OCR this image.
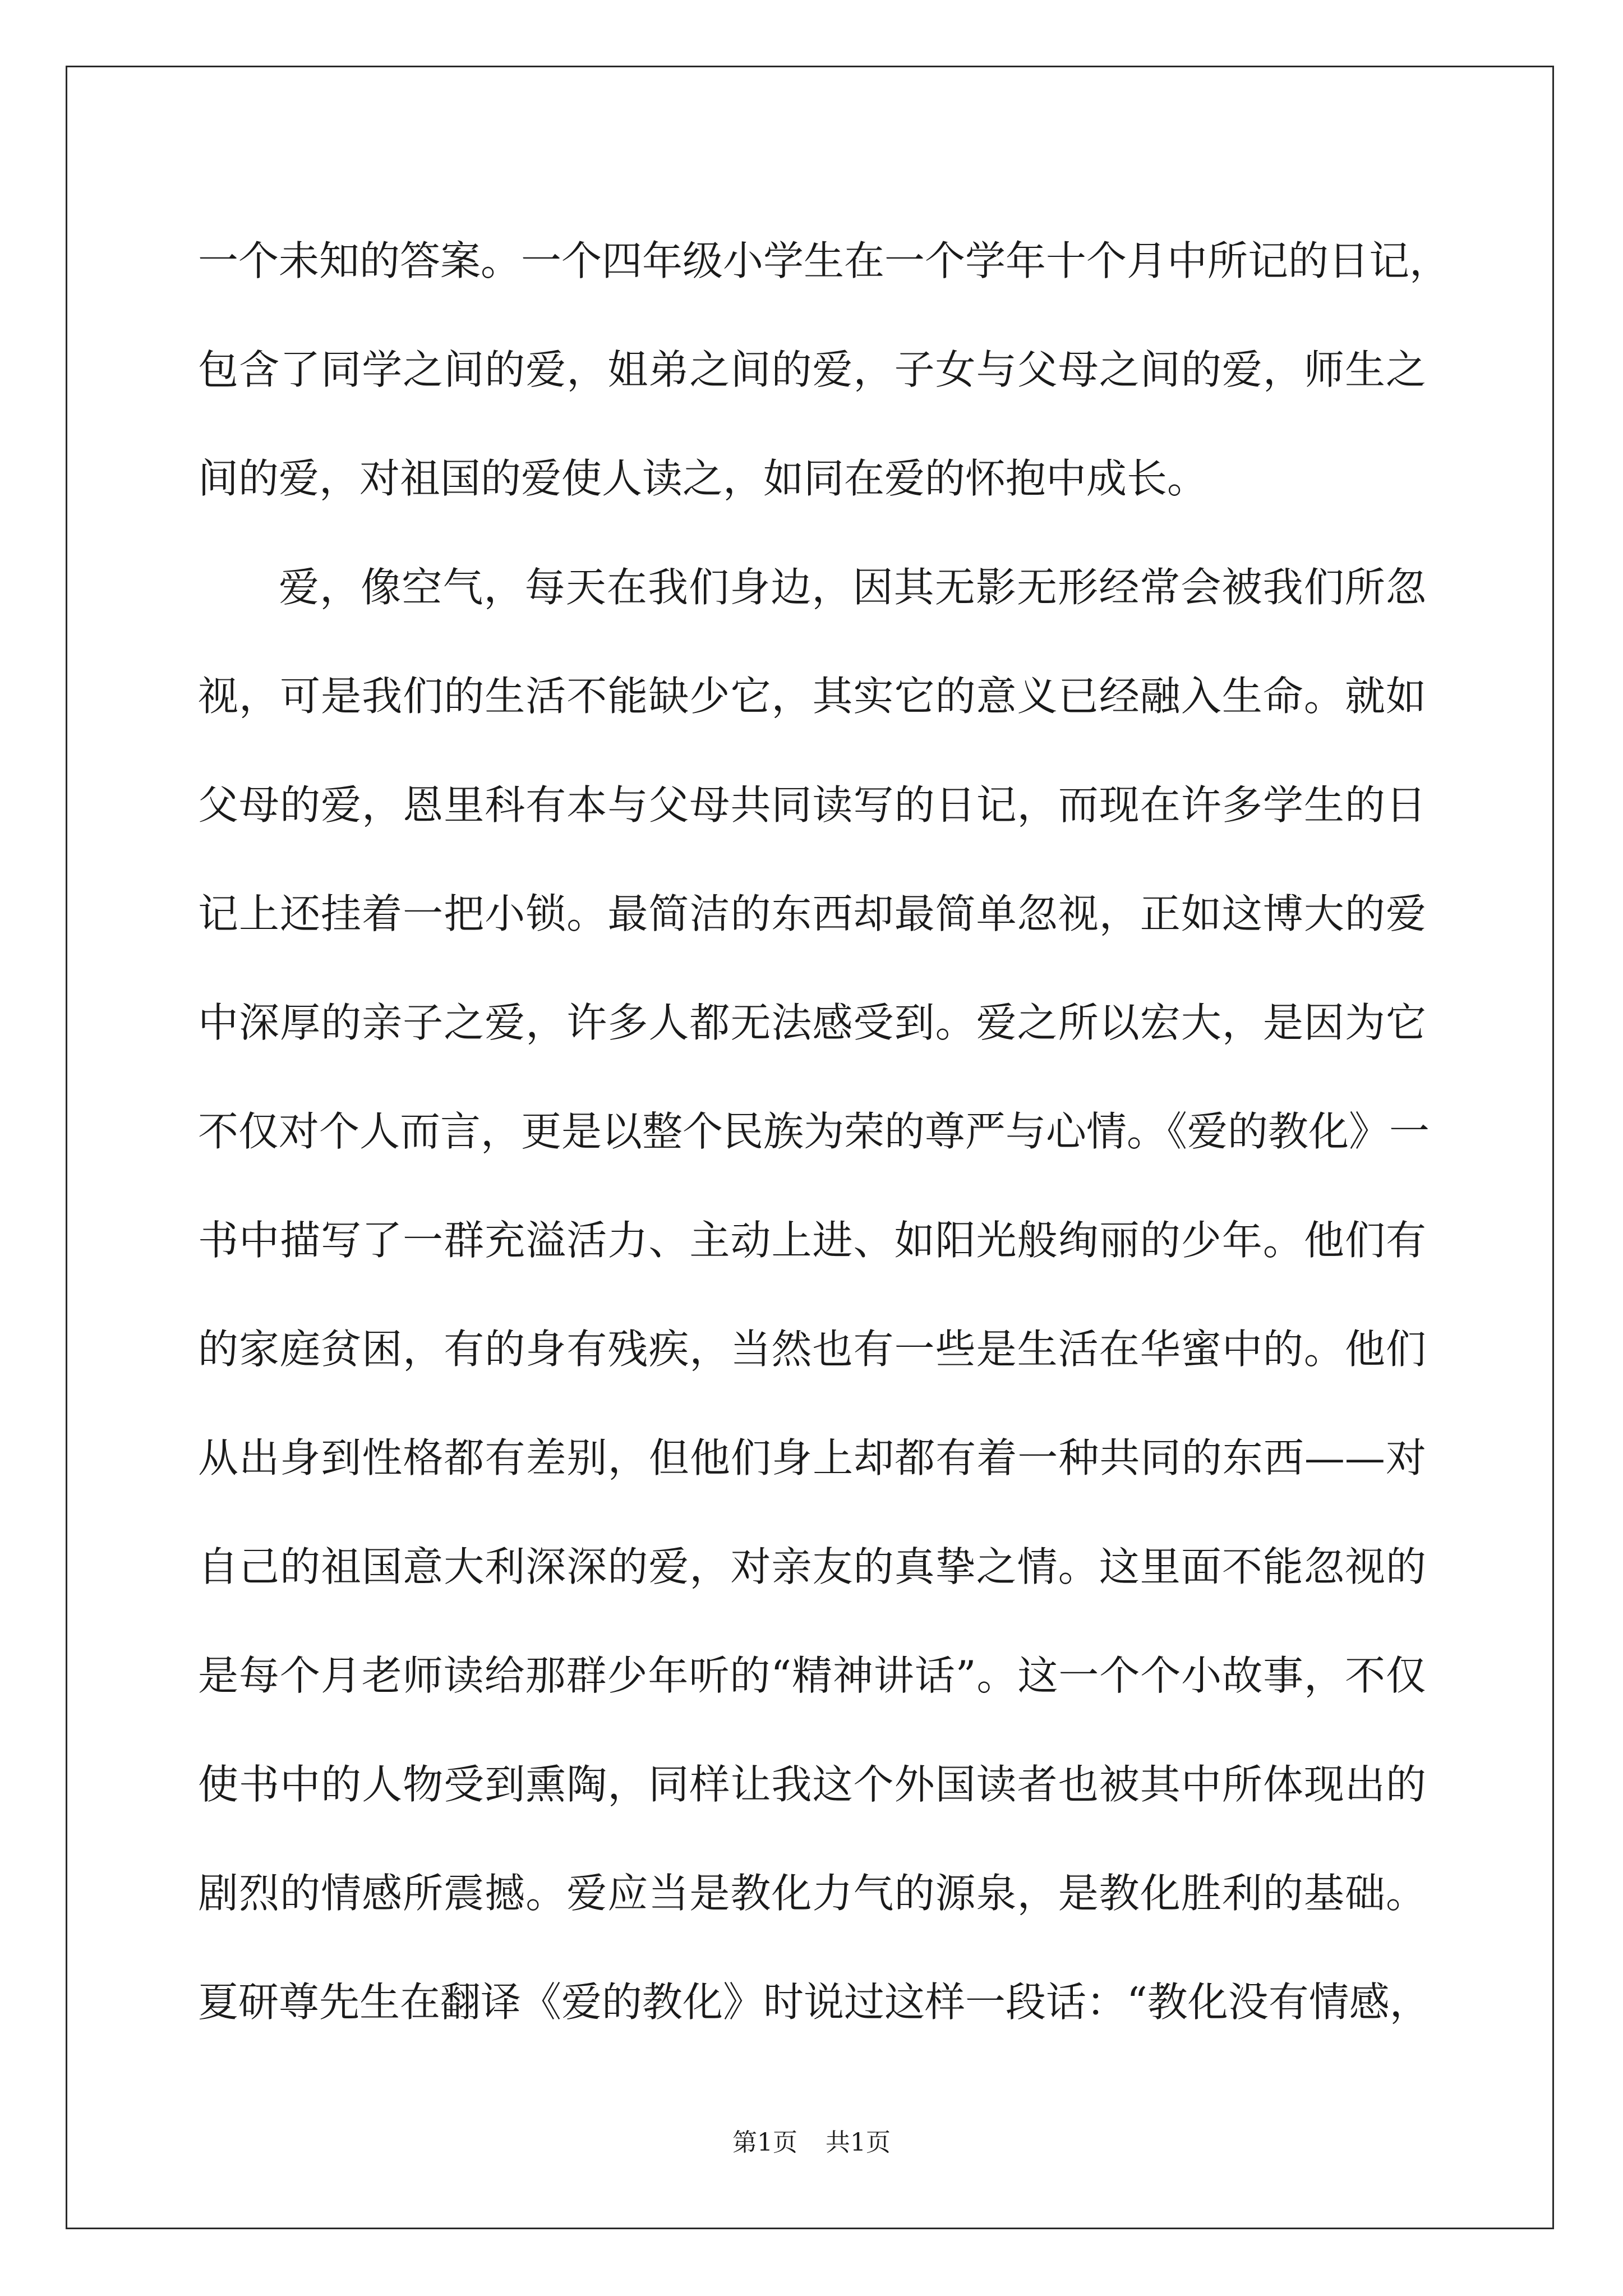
一个未知的答案。一个四年级小学生在一个学年十个月中所记的日记，
包含了同学之间的爱，姐弟之间的爱，子女与父母之间的爱，师生之
间的爱，对祖国的爱使人读之，如同在爱的怀抱中成长。
爱，像空气，每天在我们身边，因其无影无形经常会被我们所忽
视，可是我们的生活不能缺少它，其实它的意义已经融入生命。就如
父母的爱，恩里科有本与父母共同读写的日记，而现在许多学生的日
记上还挂着一把小锁。最简洁的东西却最简单忽视，正如这博大的爱
中深厚的亲子之爱，许多人都无法感受到。爱之所以宏大，是因为它
不仅对个人而言，更是以整个民族为荣的尊严与心情。《爱的教化》一
书中描写了一群充溢活力、主动上进、如阳光般绚丽的少年。他们有
的家庭贫困，有的身有残疾，当然也有一些是生活在华蜜中的。他们
从出身到性格都有差别，但他们身上却都有着一种共同的东西——对
自己的祖国意大利深深的爱，对亲友的真挚之情。这里面不能忽视的
是每个月老师读给那群少年听的“精神讲话”。这一个个小故事，不仅
使书中的人物受到熏陶，同样让我这个外国读者也被其中所体现出的
剧烈的情感所震撼。爱应当是教化力气的源泉，是教化胜利的基础。
夏研尊先生在翻译《爱的教化》时说过这样一段话：“教化没有情感，
第1页 共1页
